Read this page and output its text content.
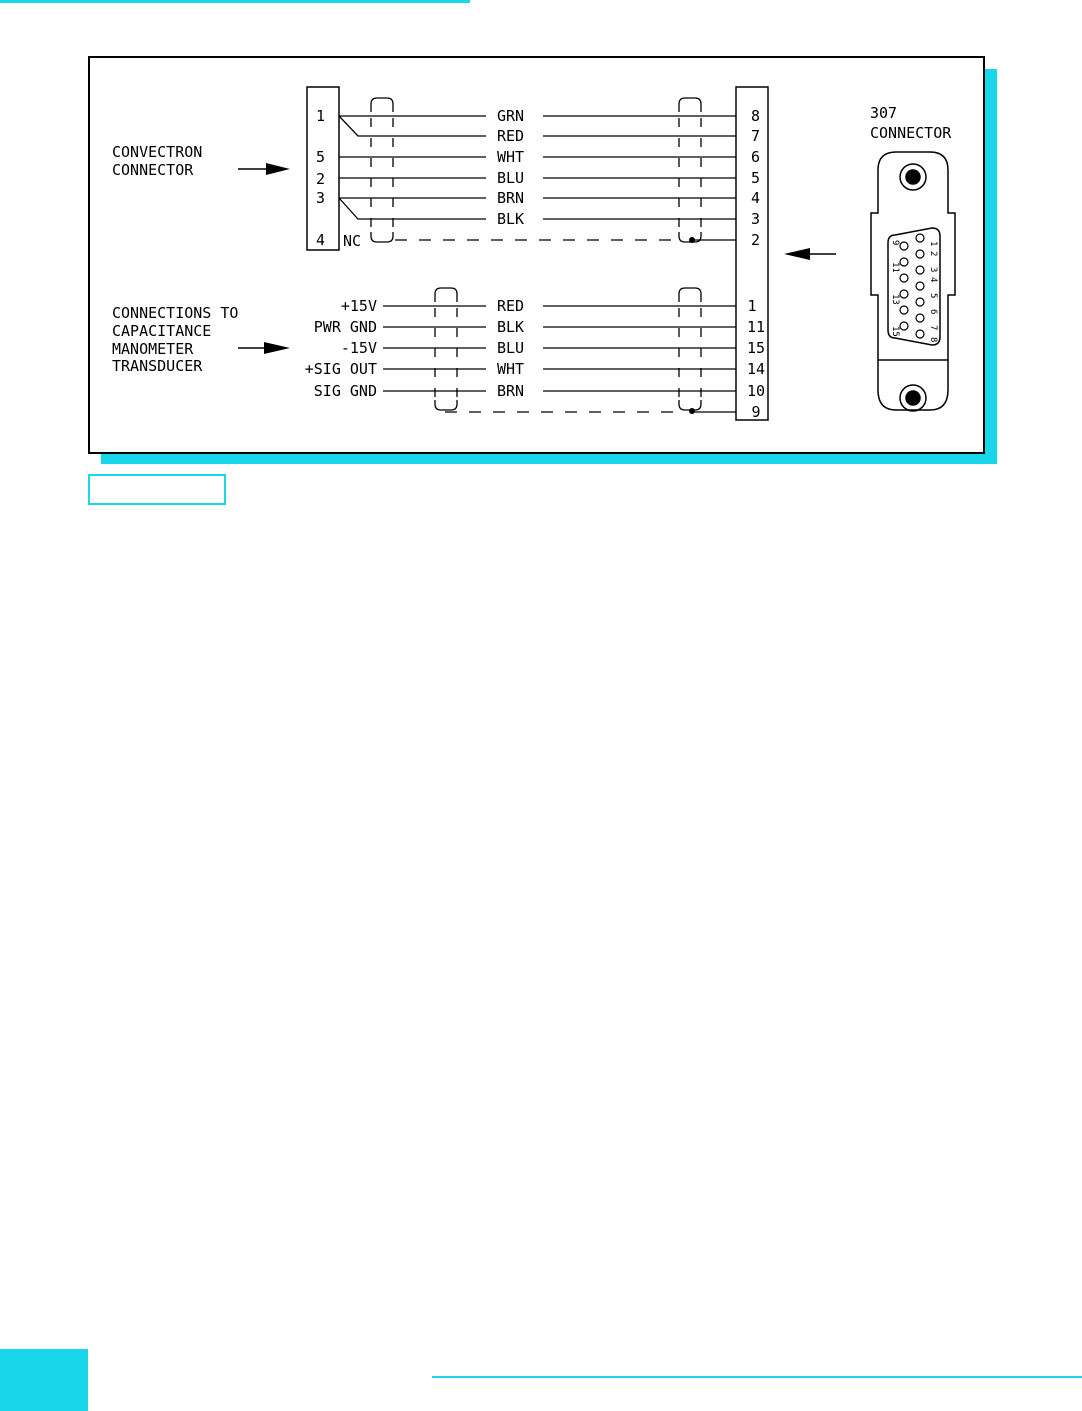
CONVECTRON
CONNECTOR
CONNECTIONS TO
CAPACITANCE
MANOMETER
TRANSDUCER
1
5
2
3
4 NC
GRN
RED
WHT
BLU
BRN
BLK
8
7
6
5
4
3
2
+15V
PWR GND
-15V
+SIG OUT
SIG GND
RED
BLK
BLU
WHT
BRN
1
11
15
14
10
9
307
CONNECTOR
1
2
3
4
5
6
7
8
9
11
13
15
